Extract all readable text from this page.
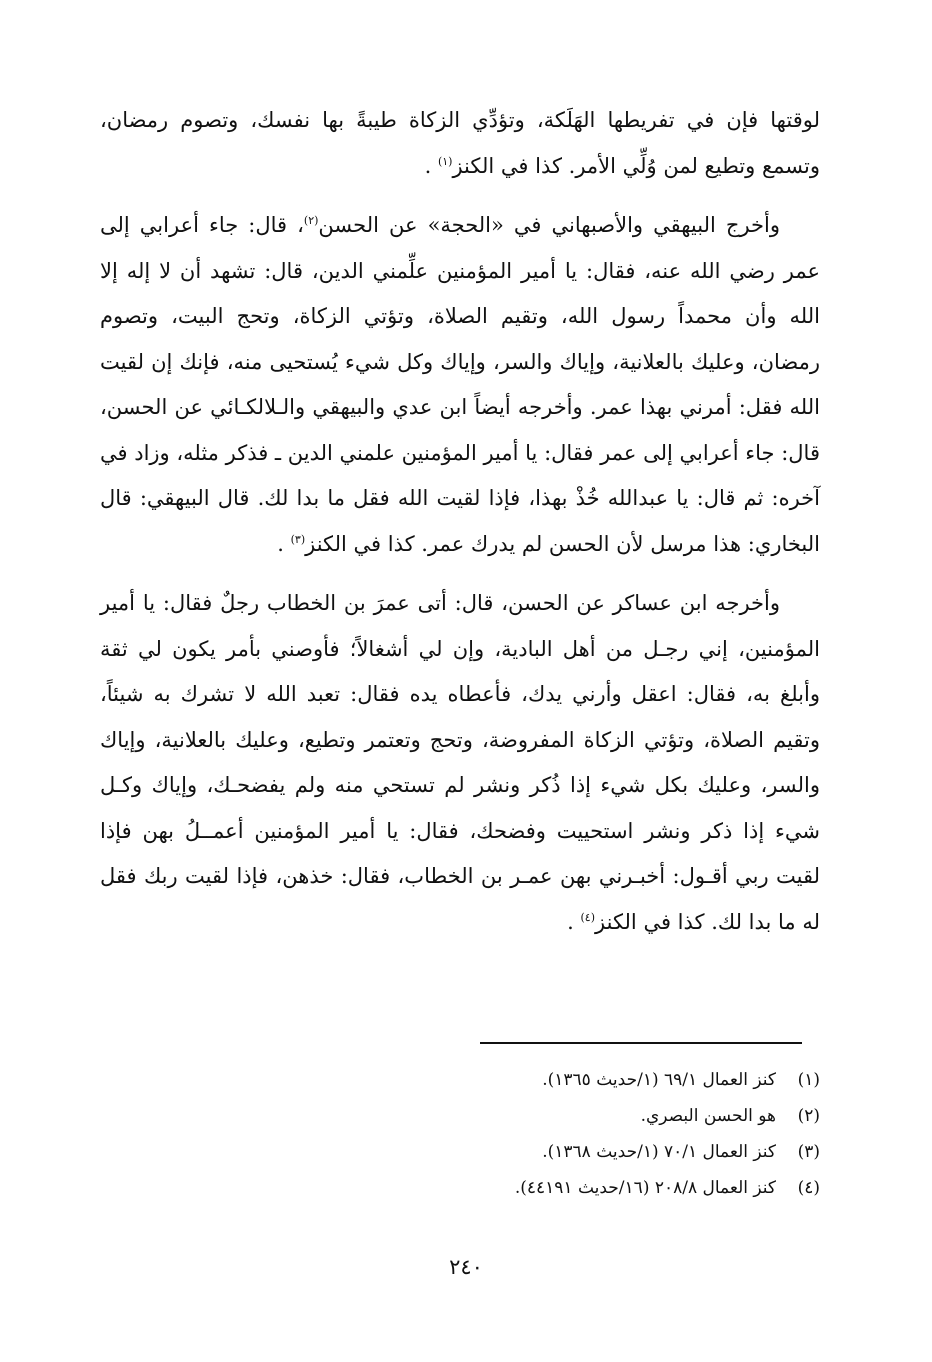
لوقتها فإن في تفريطها الهَلَكة، وتؤدِّي الزكاة طيبةً بها نفسك، وتصوم رمضان، وتسمع وتطيع لمن وُلِّي الأمر. كذا في الكنز$^{(١)}$ .

وأخرج البيهقي والأصبهاني في «الحجة» عن الحسن$^{(٢)}$، قال: جاء أعرابي إلى عمر رضي الله عنه، فقال: يا أمير المؤمنين علِّمني الدين، قال: تشهد أن لا إله إلا الله وأن محمداً رسول الله، وتقيم الصلاة، وتؤتي الزكاة، وتحج البيت، وتصوم رمضان، وعليك بالعلانية، وإياك والسر، وإياك وكل شيء يُستحيى منه، فإنك إن لقيت الله فقل: أمرني بهذا عمر. وأخرجه أيضاً ابن عدي والبيهقي والـلالكـائي عن الحسن، قال: جاء أعرابي إلى عمر فقال: يا أمير المؤمنين علمني الدين ـ فذكر مثله، وزاد في آخره: ثم قال: يا عبدالله خُذْ بهذا، فإذا لقيت الله فقل ما بدا لك. قال البيهقي: قال البخاري: هذا مرسل لأن الحسن لم يدرك عمر. كذا في الكنز$^{(٣)}$ .

وأخرجه ابن عساكر عن الحسن، قال: أتى عمرَ بن الخطاب رجلٌ فقال: يا أمير المؤمنين، إني رجـل من أهل البادية، وإن لي أشغالاً؛ فأوصني بأمر يكون لي ثقة وأبلغ به، فقال: اعقل وأرني يدك، فأعطاه يده فقال: تعبد الله لا تشرك به شيئاً، وتقيم الصلاة، وتؤتي الزكاة المفروضة، وتحج وتعتمر وتطيع، وعليك بالعلانية، وإياك والسر، وعليك بكل شيء إذا ذُكر ونشر لم تستحي منه ولم يفضحـك، وإياك وكـل شيء إذا ذكر ونشر استحييت وفضحك، فقال: يا أمير المؤمنين أعمــلُ بهن فإذا لقيت ربي أقـول: أخبـرني بهن عمـر بن الخطاب، فقال: خذهن، فإذا لقيت ربك فقل له ما بدا لك. كذا في الكنز$^{(٤)}$ .

(١)
كنز العمال ٦٩/١ (١/حديث ١٣٦٥).
(٢)
هو الحسن البصري.
(٣)
كنز العمال ٧٠/١ (١/حديث ١٣٦٨).
(٤)
كنز العمال ٢٠٨/٨ (١٦/حديث ٤٤١٩١).
٢٤٠
